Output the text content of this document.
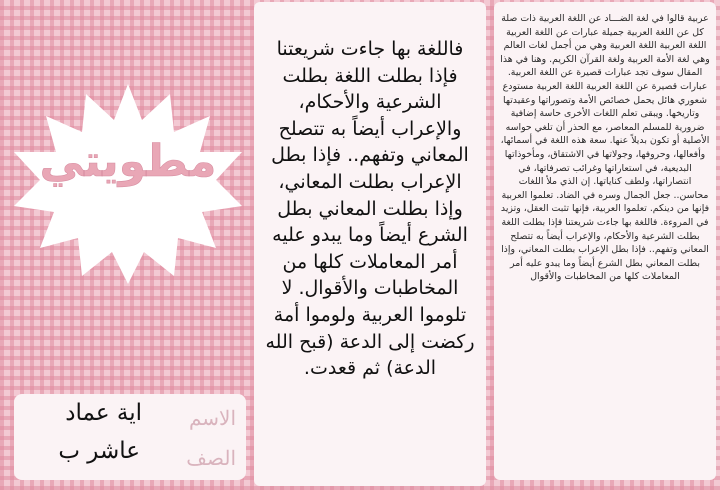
عربية قالوا في لغة الضـــاد عن اللغة العربية ذات صلة كل عن اللغة العربية جميلة عبارات عن اللغة العربية اللغة العربية اللغة العربية وهي من أجمل لغات العالم وهي لغة الأمة العربية ولغة القرآن الكريم. وهنا في هذا المقال سوف تجد عبارات قصيرة عن اللغة العربية. عبارات قصيرة عن اللغة العربية اللغة العربية مستودع شعوري هائل يحمل خصائص الأمة وتصوراتها وعقيدتها وتاريخها. ويبقى تعلم اللغات الأخرى حاسة إضافية ضرورية للمسلم المعاصر، مع الحذر أن تلغي حواسه الأصلية أو تكون بديلاً عنها. سعة هذه اللغة في أسمائها، وأفعالها، وحروفها، وجولاتها في الاشتقاق، ومأخوذاتها البديعية، في استعاراتها وغرائب تصرفاتها، في انتصاراتها، ولطف كناياتها. إن الذي ملأ اللغات محاسن.. جعل الجمال وسره في الضاد. تعلموا العربية فإنها من دينكم. تعلموا العربية، فإنها تثبت العقل، وتزيد في المروءة. فاللغة بها جاءت شريعتنا فإذا بطلت اللغة بطلت الشرعية والأحكام، والإعراب أيضاً به تتصلح المعاني وتفهم.. فإذا بطل الإعراب بطلت المعاني، وإذا بطلت المعاني بطل الشرع أيضاً وما يبدو عليه أمر المعاملات كلها من المخاطبات والأقوال
فاللغة بها جاءت شريعتنا فإذا بطلت اللغة بطلت الشرعية والأحكام، والإعراب أيضاً به تتصلح المعاني وتفهم.. فإذا بطل الإعراب بطلت المعاني، وإذا بطلت المعاني بطل الشرع أيضاً وما يبدو عليه أمر المعاملات كلها من المخاطبات والأقوال. لا تلوموا العربية ولوموا أمة ركضت إلى الدعة (قبح الله الدعة) ثم قعدت.
مطويتي
الاسم
اية عماد
الصف
عاشر ب
